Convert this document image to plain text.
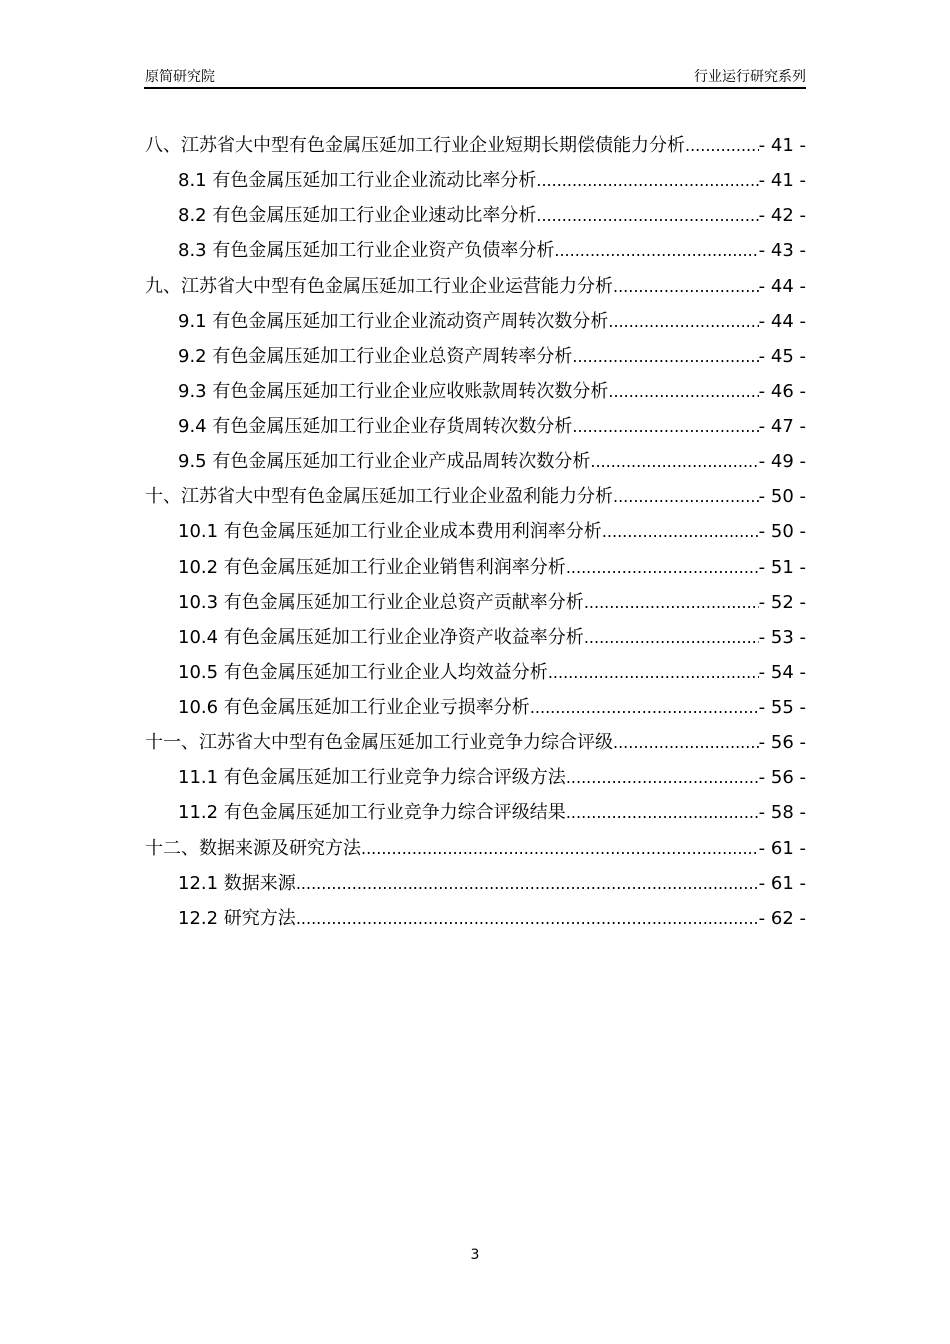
原简研究院	行业运行研究系列
八、江苏省大中型有色金属压延加工行业企业短期长期偿债能力分析 .....	- 41 -
8.1 有色金属压延加工行业企业流动比率分析 .....	- 41 -
8.2 有色金属压延加工行业企业速动比率分析 .....	- 42 -
8.3 有色金属压延加工行业企业资产负债率分析 .....	- 43 -
九、江苏省大中型有色金属压延加工行业企业运营能力分析 .....	- 44 -
9.1 有色金属压延加工行业企业流动资产周转次数分析 .....	- 44 -
9.2 有色金属压延加工行业企业总资产周转率分析 .....	- 45 -
9.3 有色金属压延加工行业企业应收账款周转次数分析 .....	- 46 -
9.4 有色金属压延加工行业企业存货周转次数分析 .....	- 47 -
9.5 有色金属压延加工行业企业产成品周转次数分析 .....	- 49 -
十、江苏省大中型有色金属压延加工行业企业盈利能力分析 .....	- 50 -
10.1 有色金属压延加工行业企业成本费用利润率分析 .....	- 50 -
10.2 有色金属压延加工行业企业销售利润率分析 .....	- 51 -
10.3 有色金属压延加工行业企业总资产贡献率分析 .....	- 52 -
10.4 有色金属压延加工行业企业净资产收益率分析 .....	- 53 -
10.5 有色金属压延加工行业企业人均效益分析 .....	- 54 -
10.6 有色金属压延加工行业企业亏损率分析 .....	- 55 -
十一、江苏省大中型有色金属压延加工行业竞争力综合评级 .....	- 56 -
11.1 有色金属压延加工行业竞争力综合评级方法 .....	- 56 -
11.2 有色金属压延加工行业竞争力综合评级结果 .....	- 58 -
十二、数据来源及研究方法 .....	- 61 -
12.1 数据来源 .....	- 61 -
12.2 研究方法 .....	- 62 -
3
